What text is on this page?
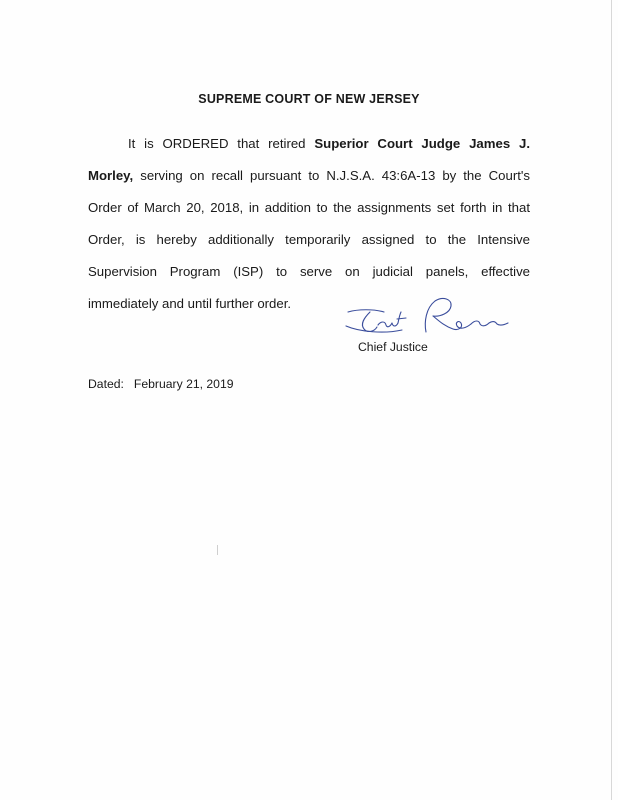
SUPREME COURT OF NEW JERSEY

It is ORDERED that retired Superior Court Judge James J. Morley, serving on recall pursuant to N.J.S.A. 43:6A-13 by the Court's Order of March 20, 2018, in addition to the assignments set forth in that Order, is hereby additionally temporarily assigned to the Intensive Supervision Program (ISP) to serve on judicial panels, effective immediately and until further order.

Chief Justice
Dated: February 21, 2019
